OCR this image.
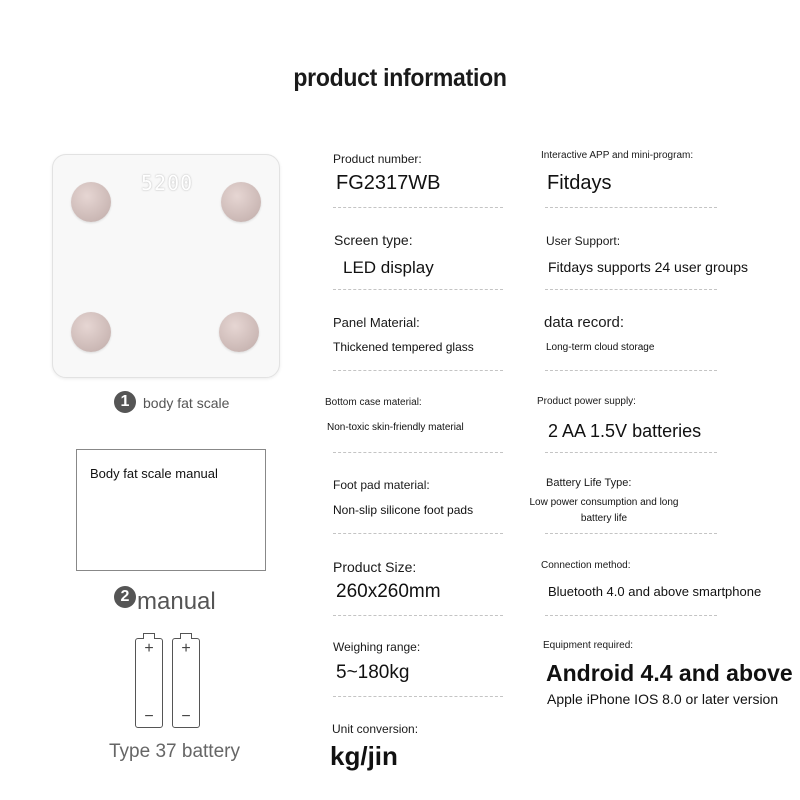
product information
5200
1 body fat scale
Body fat scale manual
2 manual
+
−
+
−
Type 37 battery
Product number:
FG2317WB
Screen type:
LED display
Panel Material:
Thickened tempered glass
Bottom case material:
Non-toxic skin-friendly material
Foot pad material:
Non-slip silicone foot pads
Product Size:
260x260mm
Weighing range:
5~180kg
Unit conversion:
kg/jin
Interactive APP and mini-program:
Fitdays
User Support:
Fitdays supports 24 user groups
data record:
Long-term cloud storage
Product power supply:
2 AA 1.5V batteries
Battery Life Type:
Low power consumption and long battery life
Connection method:
Bluetooth 4.0 and above smartphone
Equipment required:
Android 4.4 and above
Apple iPhone IOS 8.0 or later version
